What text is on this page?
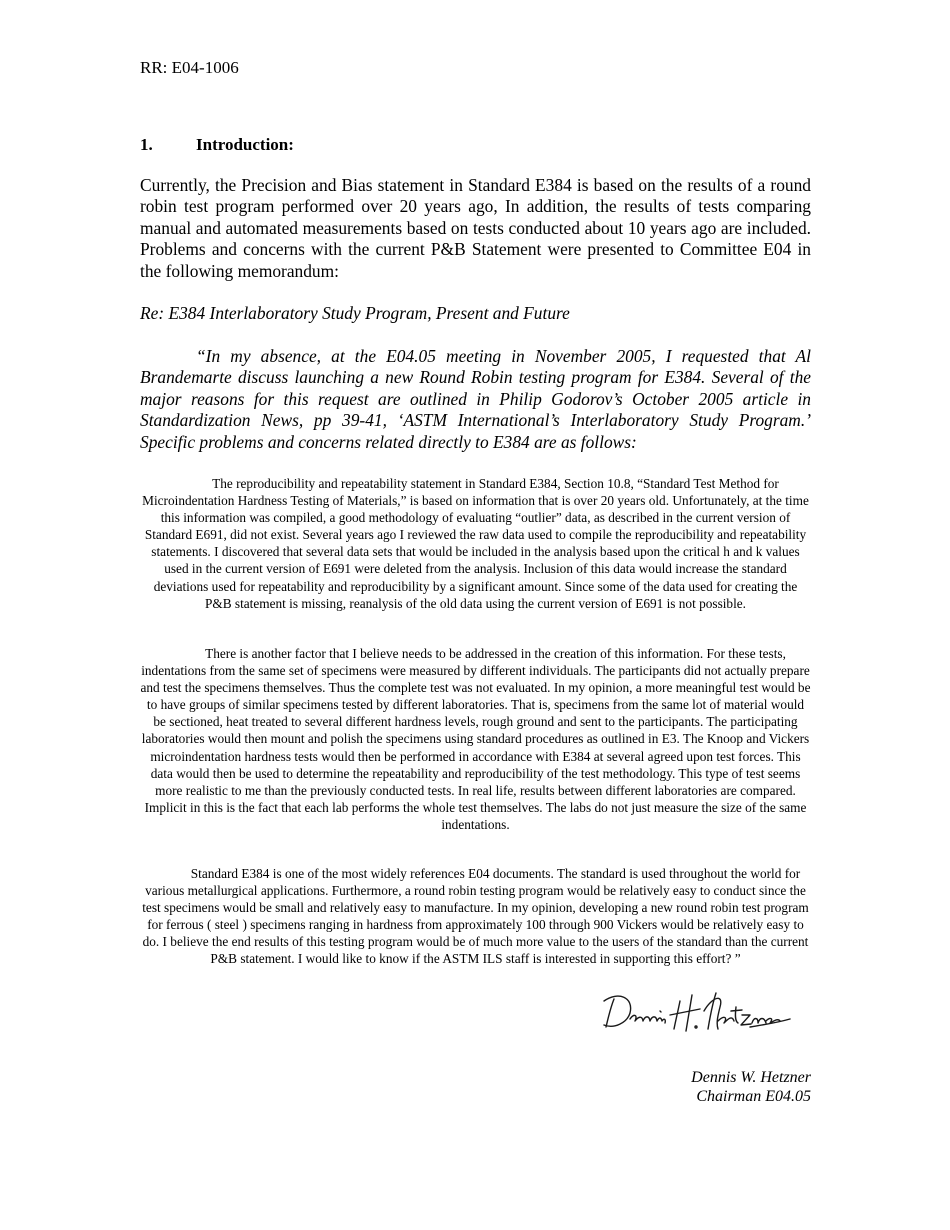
RR: E04-1006
1.	Introduction:

Currently, the Precision and Bias statement in Standard E384 is based on the results of a round robin test program performed over 20 years ago, In addition, the results of tests comparing manual and automated measurements based on tests conducted about 10 years ago are included. Problems and concerns with the current P&B Statement were presented to Committee E04 in the following memorandum:

Re: E384 Interlaboratory Study Program, Present and Future

“In my absence, at the E04.05 meeting in November 2005, I requested that Al Brandemarte discuss launching a new Round Robin testing program for E384. Several of the major reasons for this request are outlined in Philip Godorov’s October 2005 article in Standardization News, pp 39-41, ‘ASTM International’s Interlaboratory Study Program.’ Specific problems and concerns related directly to E384 are as follows:

The reproducibility and repeatability statement in Standard E384, Section 10.8, “Standard Test Method for Microindentation Hardness Testing of Materials,” is based on information that is over 20 years old. Unfortunately, at the time this information was compiled, a good methodology of evaluating “outlier” data, as described in the current version of Standard E691, did not exist. Several years ago I reviewed the raw data used to compile the reproducibility and repeatability statements. I discovered that several data sets that would be included in the analysis based upon the critical h and k values used in the current version of E691 were deleted from the analysis. Inclusion of this data would increase the standard deviations used for repeatability and reproducibility by a significant amount. Since some of the data used for creating the P&B statement is missing, reanalysis of the old data using the current version of E691 is not possible.

There is another factor that I believe needs to be addressed in the creation of this information. For these tests, indentations from the same set of specimens were measured by different individuals. The participants did not actually prepare and test the specimens themselves. Thus the complete test was not evaluated. In my opinion, a more meaningful test would be to have groups of similar specimens tested by different laboratories. That is, specimens from the same lot of material would be sectioned, heat treated to several different hardness levels, rough ground and sent to the participants. The participating laboratories would then mount and polish the specimens using standard procedures as outlined in E3. The Knoop and Vickers microindentation hardness tests would then be performed in accordance with E384 at several agreed upon test forces. This data would then be used to determine the repeatability and reproducibility of the test methodology. This type of test seems more realistic to me than the previously conducted tests. In real life, results between different laboratories are compared. Implicit in this is the fact that each lab performs the whole test themselves. The labs do not just measure the size of the same indentations.

Standard E384 is one of the most widely references E04 documents. The standard is used throughout the world for various metallurgical applications. Furthermore, a round robin testing program would be relatively easy to conduct since the test specimens would be small and relatively easy to manufacture. In my opinion, developing a new round robin test program for ferrous ( steel ) specimens ranging in hardness from approximately 100 through 900 Vickers would be relatively easy to do. I believe the end results of this testing program would be of much more value to the users of the standard than the current P&B statement. I would like to know if the ASTM ILS staff is interested in supporting this effort? ”

Dennis W. Hetzner
Chairman E04.05
